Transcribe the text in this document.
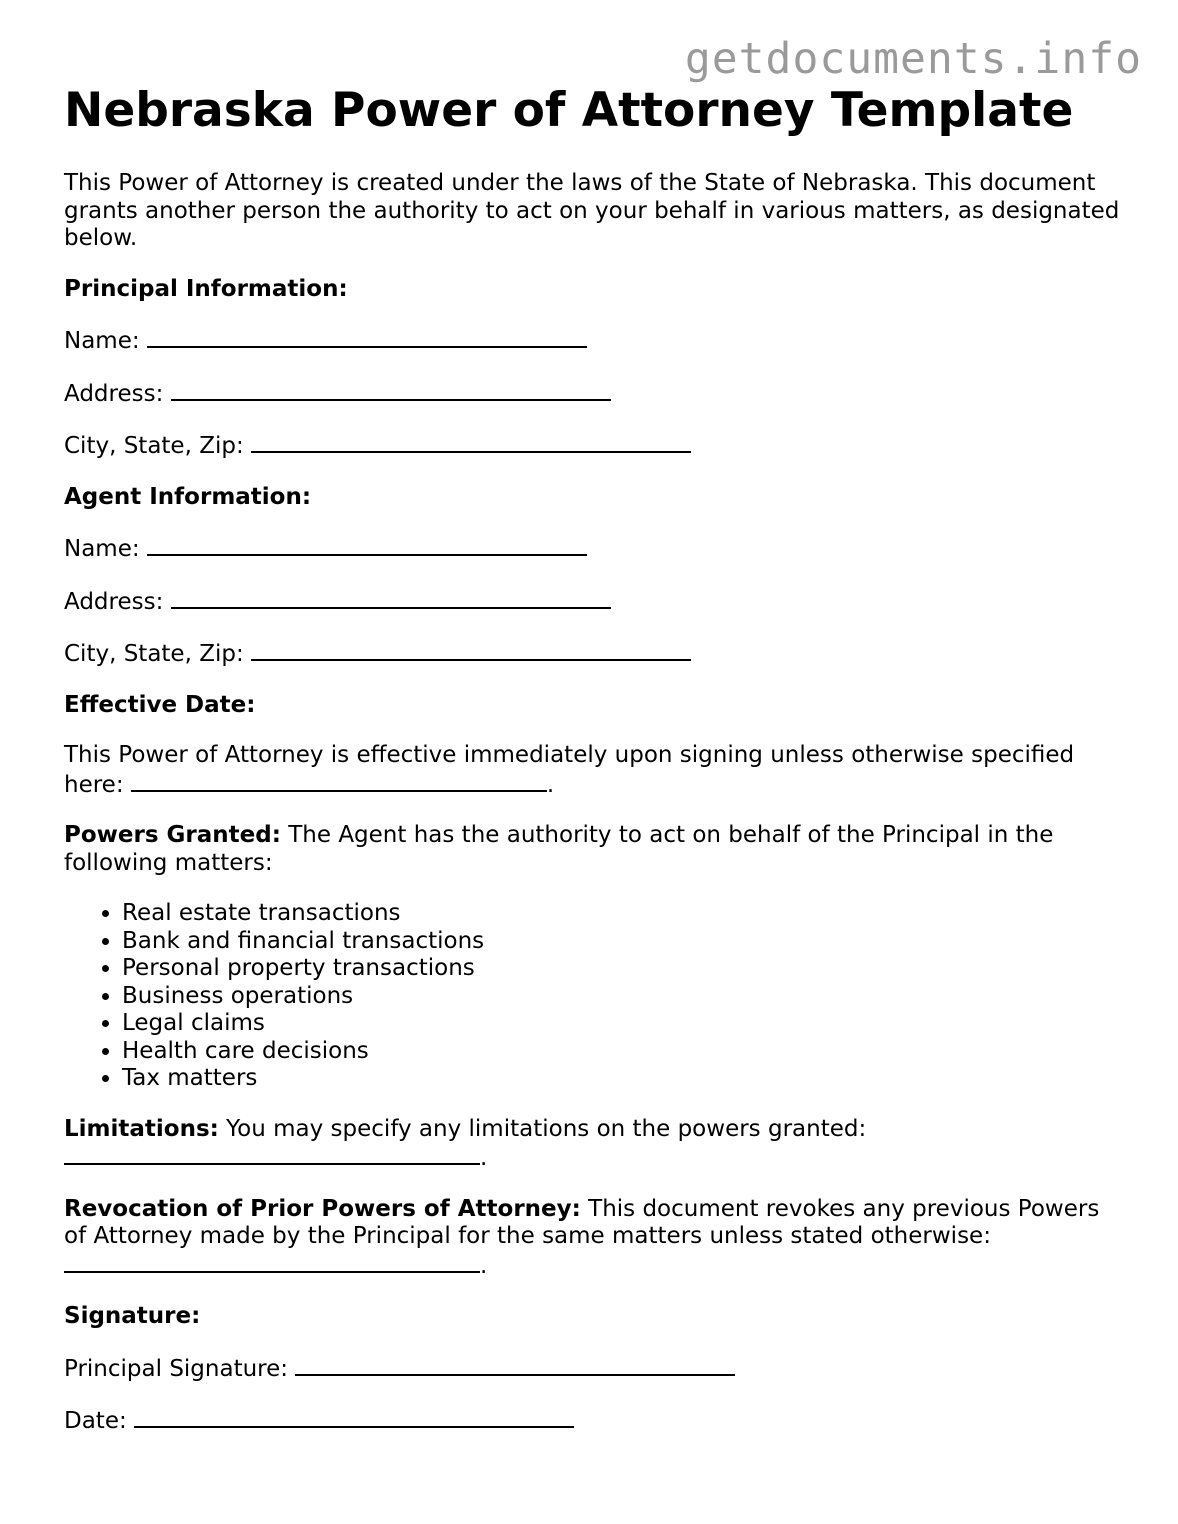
getdocuments.info
Nebraska Power of Attorney Template

This Power of Attorney is created under the laws of the State of Nebraska. This document grants another person the authority to act on your behalf in various matters, as designated below.

Principal Information:

Name:

Address:

City, State, Zip:

Agent Information:

Name:

Address:

City, State, Zip:

Effective Date:

This Power of Attorney is effective immediately upon signing unless otherwise specified here:	.

Powers Granted: The Agent has the authority to act on behalf of the Principal in the following matters:

• Real estate transactions
• Bank and financial transactions
• Personal property transactions
• Business operations
• Legal claims
• Health care decisions
• Tax matters

Limitations: You may specify any limitations on the powers granted:
.

Revocation of Prior Powers of Attorney: This document revokes any previous Powers of Attorney made by the Principal for the same matters unless stated otherwise:
.

Signature:

Principal Signature:

Date:
